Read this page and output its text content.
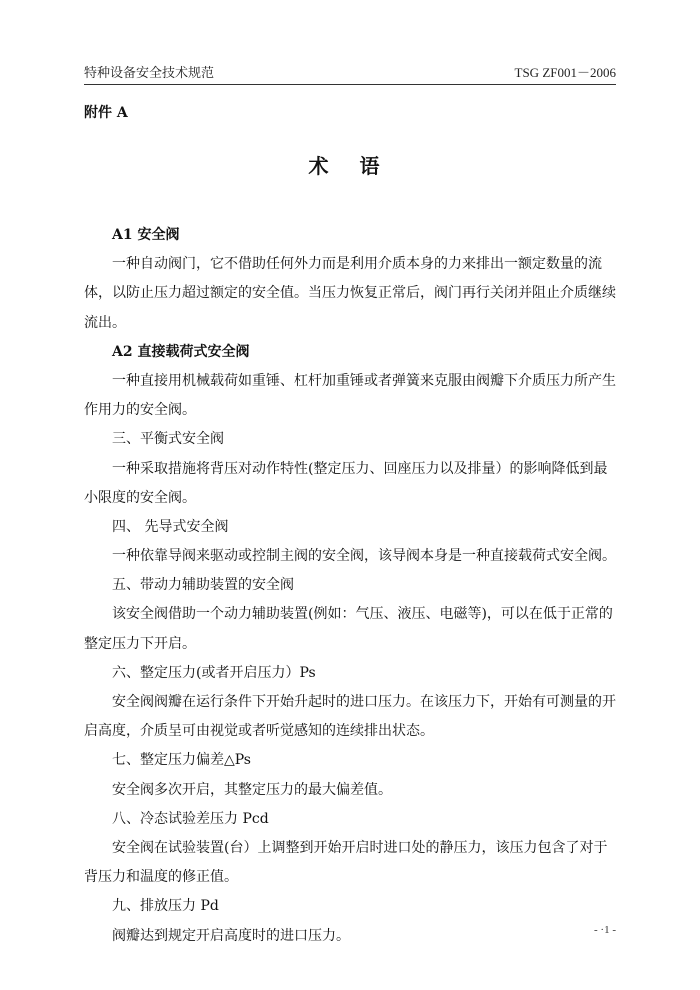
特种设备安全技术规范	TSG ZF001－2006
附件 A
术 语
A1 安全阀
一种自动阀门，它不借助任何外力而是利用介质本身的力来排出一额定数量的流
体，以防止压力超过额定的安全值。当压力恢复正常后，阀门再行关闭并阻止介质继续
流出。
A2 直接载荷式安全阀
一种直接用机械载荷如重锤、杠杆加重锤或者弹簧来克服由阀瓣下介质压力所产生
作用力的安全阀。
三、平衡式安全阀
一种采取措施将背压对动作特性(整定压力、回座压力以及排量）的影响降低到最
小限度的安全阀。
四、 先导式安全阀
一种依靠导阀来驱动或控制主阀的安全阀，该导阀本身是一种直接载荷式安全阀。
五、带动力辅助装置的安全阀
该安全阀借助一个动力辅助装置(例如：气压、液压、电磁等)，可以在低于正常的
整定压力下开启。
六、整定压力(或者开启压力）Ps
安全阀阀瓣在运行条件下开始升起时的进口压力。在该压力下，开始有可测量的开
启高度，介质呈可由视觉或者听觉感知的连续排出状态。
七、整定压力偏差△Ps
安全阀多次开启，其整定压力的最大偏差值。
八、冷态试验差压力 Pcd
安全阀在试验装置(台）上调整到开始开启时进口处的静压力，该压力包含了对于
背压力和温度的修正值。
九、排放压力 Pd
阀瓣达到规定开启高度时的进口压力。	- ·1 -
